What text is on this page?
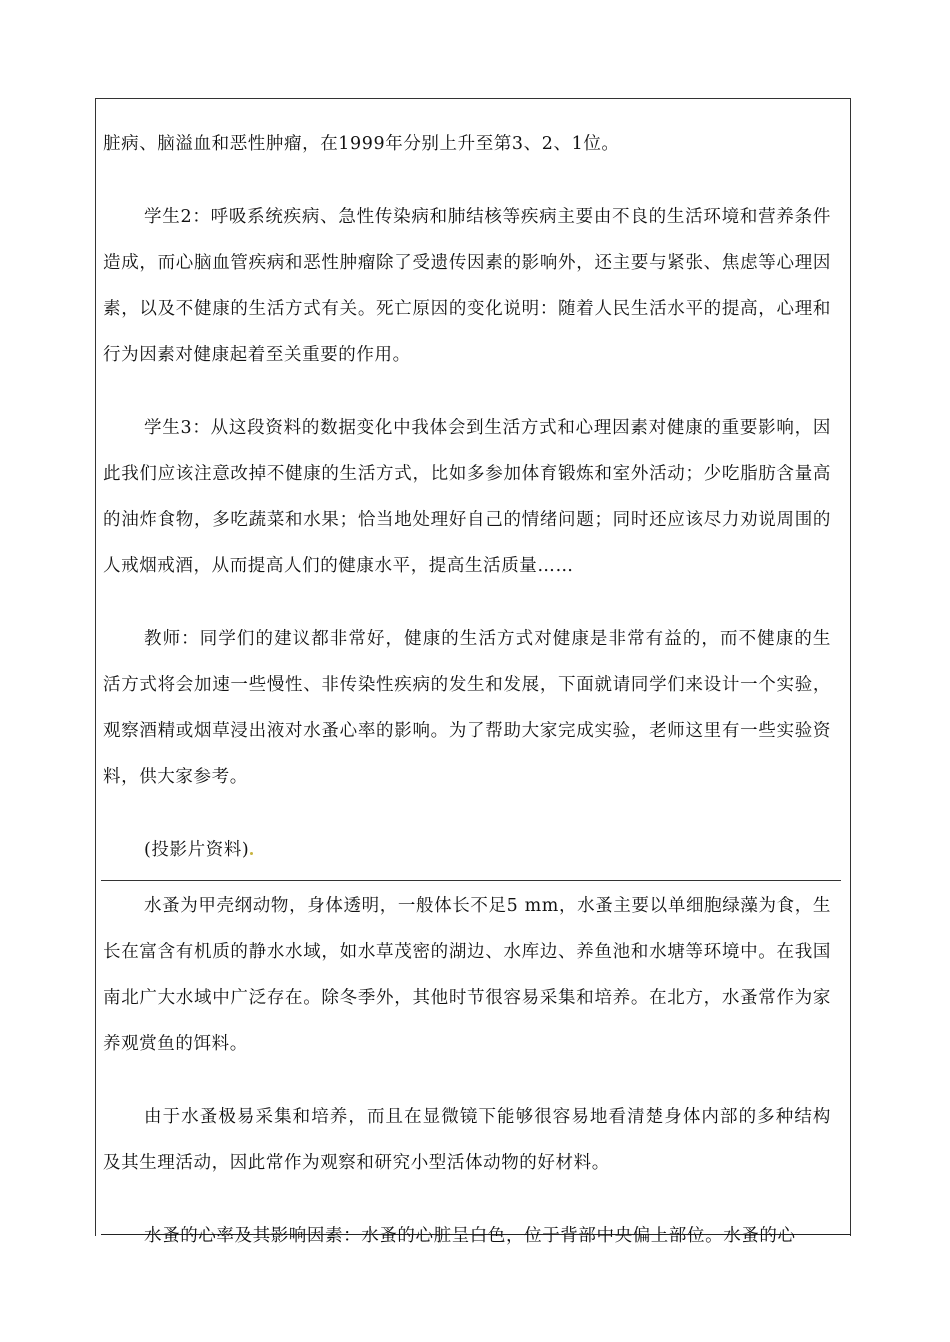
脏病、脑溢血和恶性肿瘤，在1999年分别上升至第3、2、1位。

学生2：呼吸系统疾病、急性传染病和肺结核等疾病主要由不良的生活环境和营养条件造成，而心脑血管疾病和恶性肿瘤除了受遗传因素的影响外，还主要与紧张、焦虑等心理因素，以及不健康的生活方式有关。死亡原因的变化说明：随着人民生活水平的提高，心理和行为因素对健康起着至关重要的作用。

学生3：从这段资料的数据变化中我体会到生活方式和心理因素对健康的重要影响，因此我们应该注意改掉不健康的生活方式，比如多参加体育锻炼和室外活动；少吃脂肪含量高的油炸食物，多吃蔬菜和水果；恰当地处理好自己的情绪问题；同时还应该尽力劝说周围的人戒烟戒酒，从而提高人们的健康水平，提高生活质量……

教师：同学们的建议都非常好，健康的生活方式对健康是非常有益的，而不健康的生活方式将会加速一些慢性、非传染性疾病的发生和发展，下面就请同学们来设计一个实验，观察酒精或烟草浸出液对水蚤心率的影响。为了帮助大家完成实验，老师这里有一些实验资料，供大家参考。

(投影片资料)

水蚤为甲壳纲动物，身体透明，一般体长不足5 mm，水蚤主要以单细胞绿藻为食，生长在富含有机质的静水水域，如水草茂密的湖边、水库边、养鱼池和水塘等环境中。在我国南北广大水域中广泛存在。除冬季外，其他时节很容易采集和培养。在北方，水蚤常作为家养观赏鱼的饵料。

由于水蚤极易采集和培养，而且在显微镜下能够很容易地看清楚身体内部的多种结构及其生理活动，因此常作为观察和研究小型活体动物的好材料。

水蚤的心率及其影响因素：水蚤的心脏呈白色，位于背部中央偏上部位。水蚤的心
